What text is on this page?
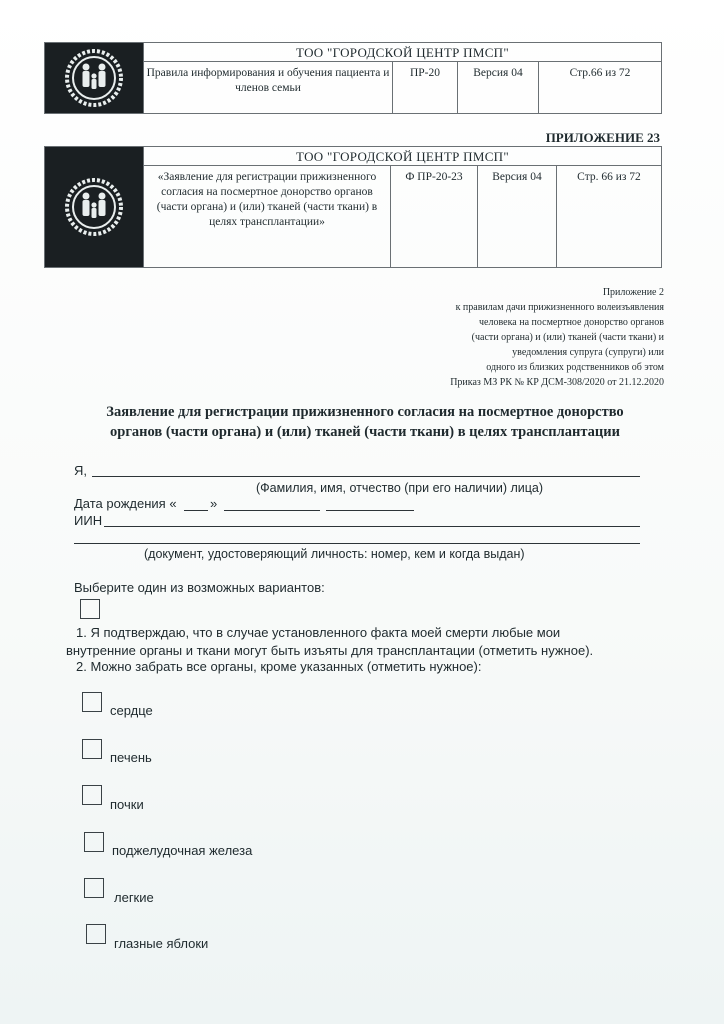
	ТОО "ГОРОДСКОЙ ЦЕНТР ПМСП"			
	Правила информирования и обучения пациента и членов семьи	ПР-20	Версия 04	Стр.66 из 72
ПРИЛОЖЕНИЕ 23
	ТОО "ГОРОДСКОЙ ЦЕНТР ПМСП"			
	«Заявление для регистрации прижизненного согласия на посмертное донорство органов (части органа) и (или) тканей (части ткани) в целях трансплантации»	Ф ПР-20-23	Версия 04	Стр. 66 из 72
Приложение 2
к правилам дачи прижизненного волеизъявления
человека на посмертное донорство органов
(части органа) и (или) тканей (части ткани) и
уведомления супруга (супруги) или
одного из близких родственников об этом
Приказ МЗ РК № КР ДСМ-308/2020 от 21.12.2020
Заявление для регистрации прижизненного согласия на посмертное донорство
органов (части органа) и (или) тканей (части ткани) в целях трансплантации
Я,
(Фамилия, имя, отчество (при его наличии) лица)
Дата рождения «	»
ИИН
(документ, удостоверяющий личность: номер, кем и когда выдан)
Выберите один из возможных вариантов:
1. Я подтверждаю, что в случае установленного факта моей смерти любые мои
внутренние органы и ткани могут быть изъяты для трансплантации (отметить нужное).
2. Можно забрать все органы, кроме указанных (отметить нужное):
сердце
печень
почки
поджелудочная железа
легкие
глазные яблоки
